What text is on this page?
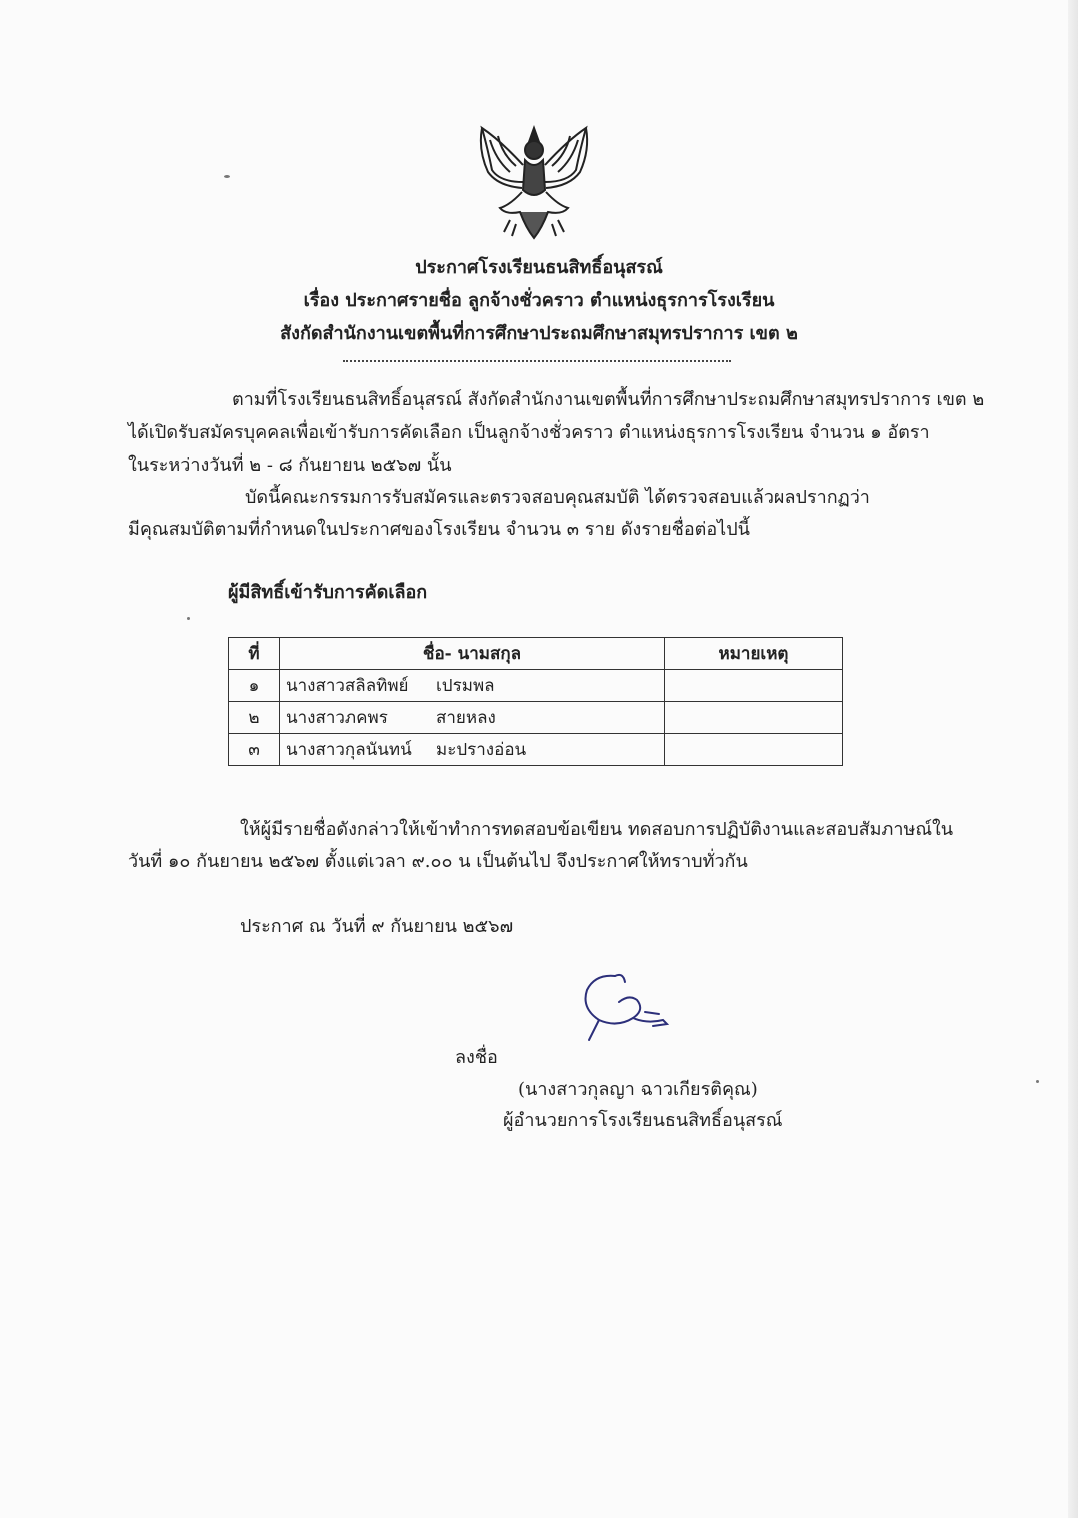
ประกาศโรงเรียนธนสิทธิ์อนุสรณ์
เรื่อง ประกาศรายชื่อ ลูกจ้างชั่วคราว ตำแหน่งธุรการโรงเรียน
สังกัดสำนักงานเขตพื้นที่การศึกษาประถมศึกษาสมุทรปราการ เขต ๒
ตามที่โรงเรียนธนสิทธิ์อนุสรณ์ สังกัดสำนักงานเขตพื้นที่การศึกษาประถมศึกษาสมุทรปราการ เขต ๒
ได้เปิดรับสมัครบุคคลเพื่อเข้ารับการคัดเลือก เป็นลูกจ้างชั่วคราว ตำแหน่งธุรการโรงเรียน จำนวน ๑ อัตรา
ในระหว่างวันที่ ๒ - ๘ กันยายน ๒๕๖๗ นั้น
บัดนี้คณะกรรมการรับสมัครและตรวจสอบคุณสมบัติ ได้ตรวจสอบแล้วผลปรากฏว่า
มีคุณสมบัติตามที่กำหนดในประกาศของโรงเรียน จำนวน ๓ ราย ดังรายชื่อต่อไปนี้
ผู้มีสิทธิ์เข้ารับการคัดเลือก
ที่	ชื่อ- นามสกุล	หมายเหตุ
๑	นางสาวสลิลทิพย์ เปรมพล	
๒	นางสาวภคพร สายหลง	
๓	นางสาวกุลนันทน์ มะปรางอ่อน	
ให้ผู้มีรายชื่อดังกล่าวให้เข้าทำการทดสอบข้อเขียน ทดสอบการปฏิบัติงานและสอบสัมภาษณ์ใน
วันที่ ๑๐ กันยายน ๒๕๖๗ ตั้งแต่เวลา ๙.๐๐ น เป็นต้นไป จึงประกาศให้ทราบทั่วกัน
ประกาศ ณ วันที่ ๙ กันยายน ๒๕๖๗
ลงชื่อ
(นางสาวกุลญา ฉาวเกียรติคุณ)
ผู้อำนวยการโรงเรียนธนสิทธิ์อนุสรณ์
